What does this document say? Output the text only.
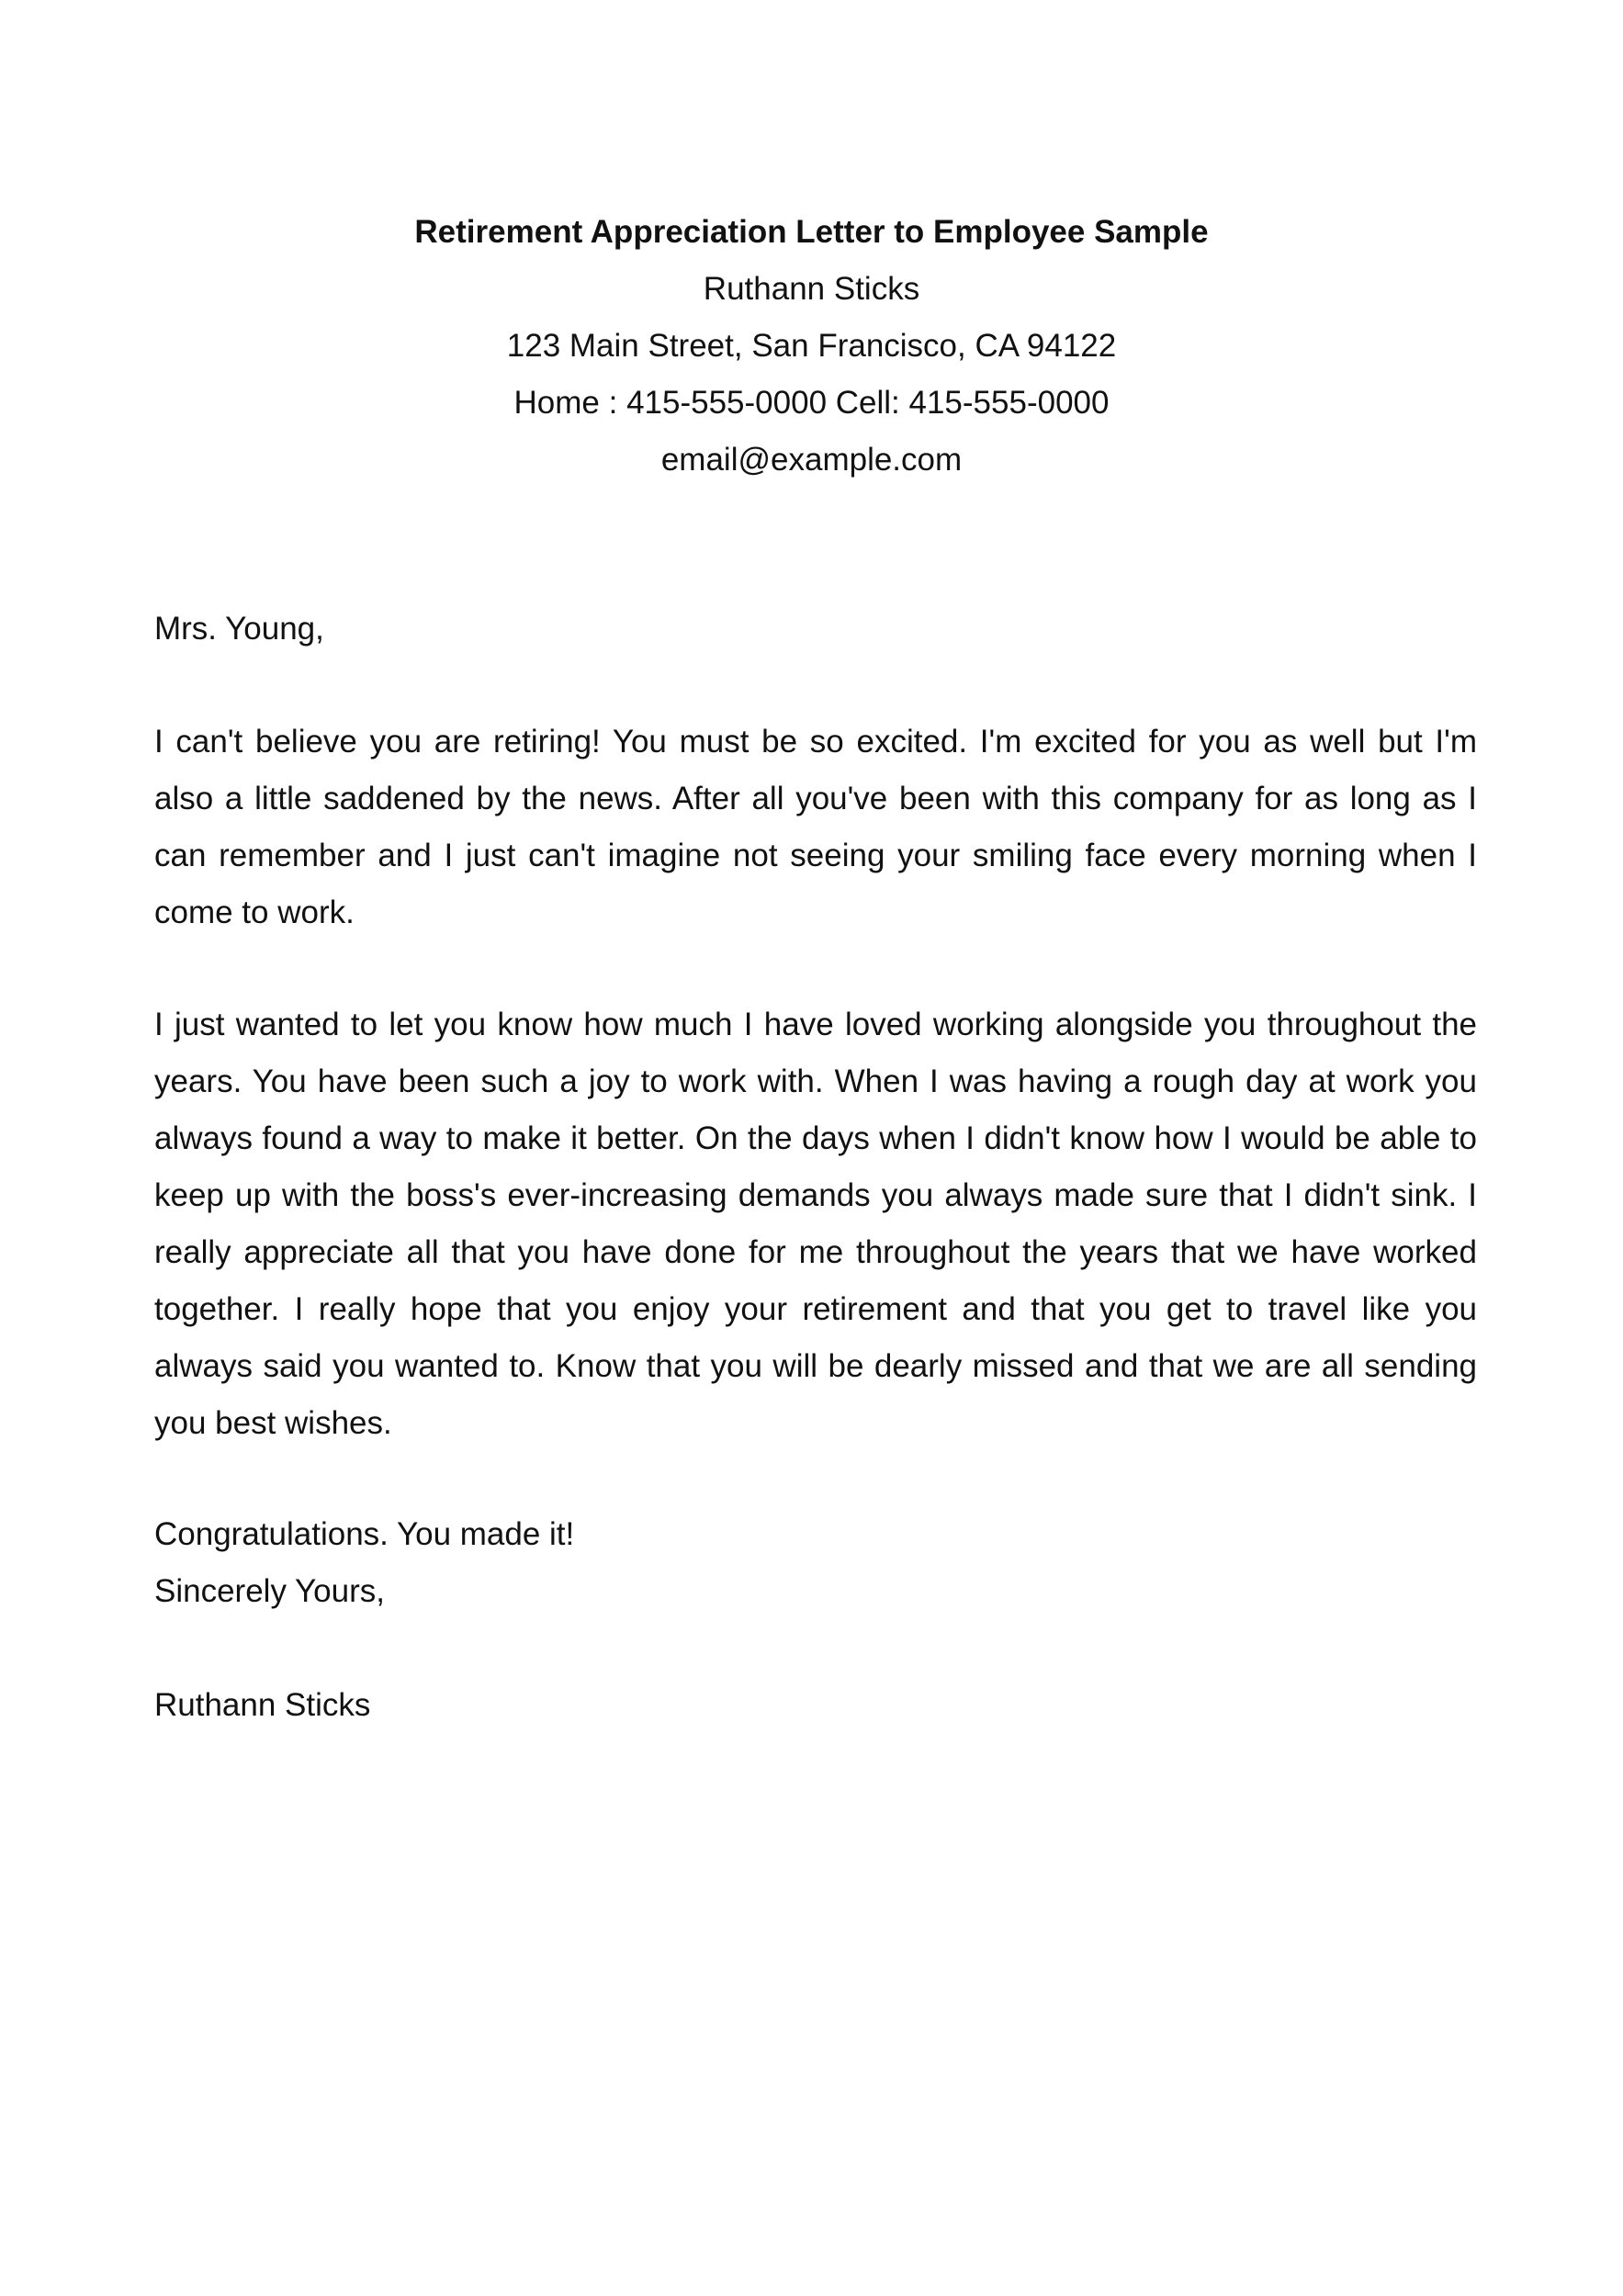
Retirement Appreciation Letter to Employee Sample
Ruthann Sticks
123 Main Street, San Francisco, CA 94122
Home : 415-555-0000 Cell: 415-555-0000
email@example.com

Mrs. Young,

I can't believe you are retiring! You must be so excited. I'm excited for you as well but I'm also a little saddened by the news. After all you've been with this company for as long as I can remember and I just can't imagine not seeing your smiling face every morning when I come to work.

I just wanted to let you know how much I have loved working alongside you throughout the years. You have been such a joy to work with. When I was having a rough day at work you always found a way to make it better. On the days when I didn't know how I would be able to keep up with the boss's ever-increasing demands you always made sure that I didn't sink. I really appreciate all that you have done for me throughout the years that we have worked together. I really hope that you enjoy your retirement and that you get to travel like you always said you wanted to. Know that you will be dearly missed and that we are all sending you best wishes.

Congratulations. You made it!
Sincerely Yours,

Ruthann Sticks
